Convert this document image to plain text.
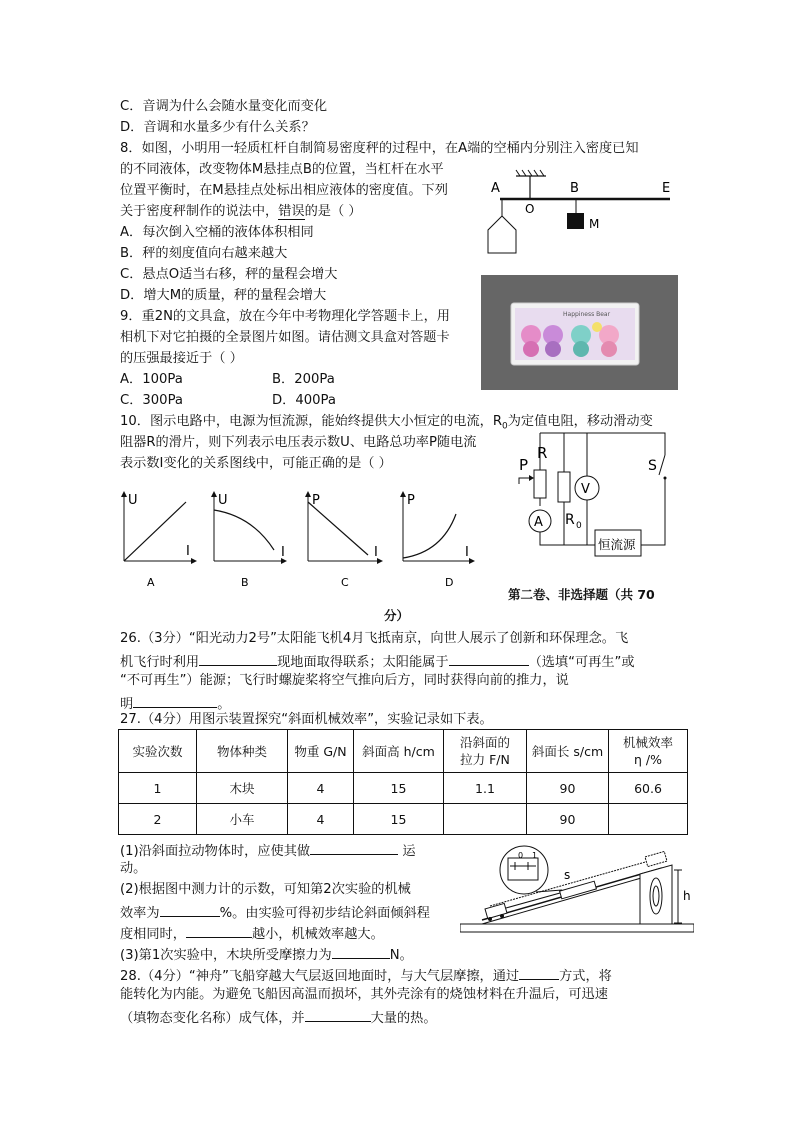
C．音调为什么会随水量变化而变化
D．音调和水量多少有什么关系？
8．如图，小明用一轻质杠杆自制简易密度秤的过程中，在A端的空桶内分别注入密度已知
的不同液体，改变物体M悬挂点B的位置，当杠杆在水平
位置平衡时，在M悬挂点处标出相应液体的密度值。下列
关于密度秤制作的说法中，错误的是（ ）
A．每次倒入空桶的液体体积相同
B．秤的刻度值向右越来越大
C．悬点O适当右移，秤的量程会增大
D．增大M的质量，秤的量程会增大
A
O
B	E
M
9．重2N的文具盒，放在今年中考物理化学答题卡上，用
相机下对它拍摄的全景图片如图。请估测文具盒对答题卡
的压强最接近于（ ）
A．100Pa	B．200Pa
C．300Pa	D．400Pa
Happiness Bear
10．图示电路中，电源为恒流源，能始终提供大小恒定的电流，$R_0$为定值电阻，移动滑动变
阻器R的滑片，则下列表示电压表示数U、电路总功率P随电流
表示数I变化的关系图线中，可能正确的是（ ）
U
I
A
U
I
B
P
I
C
P
I
D
恒流源
P
R
V
A R 0
S
第二卷、非选择题（共 70
分）
26.（3分）“阳光动力2号”太阳能飞机4月飞抵南京，向世人展示了创新和环保理念。飞
机飞行时利用	现地面取得联系；太阳能属于	（选填“可再生”或
“不可再生”）能源；飞行时螺旋桨将空气推向后方，同时获得向前的推力，说
明	。
27.（4分）用图示装置探究“斜面机械效率”，实验记录如下表。
实验次数	物体种类	物重 G/N	斜面高 h/cm	沿斜面的
拉力 F/N	斜面长 s/cm	机械效率
η /%
1	木块	4	15	1.1	90	60.6
2	小车	4	15		90	
(1)沿斜面拉动物体时，应使其做	运
动。
(2)根据图中测力计的示数，可知第2次实验的机械
效率为	%。由实验可得初步结论斜面倾斜程
度相同时，	越小，机械效率越大。
(3)第1次实验中，木块所受摩擦力为	N。
h
s
0 1
28.（4分）“神舟”飞船穿越大气层返回地面时，与大气层摩擦，通过	方式，将
能转化为内能。为避免飞船因高温而损坏，其外壳涂有的烧蚀材料在升温后，可迅速
（填物态变化名称）成气体，并	大量的热。
